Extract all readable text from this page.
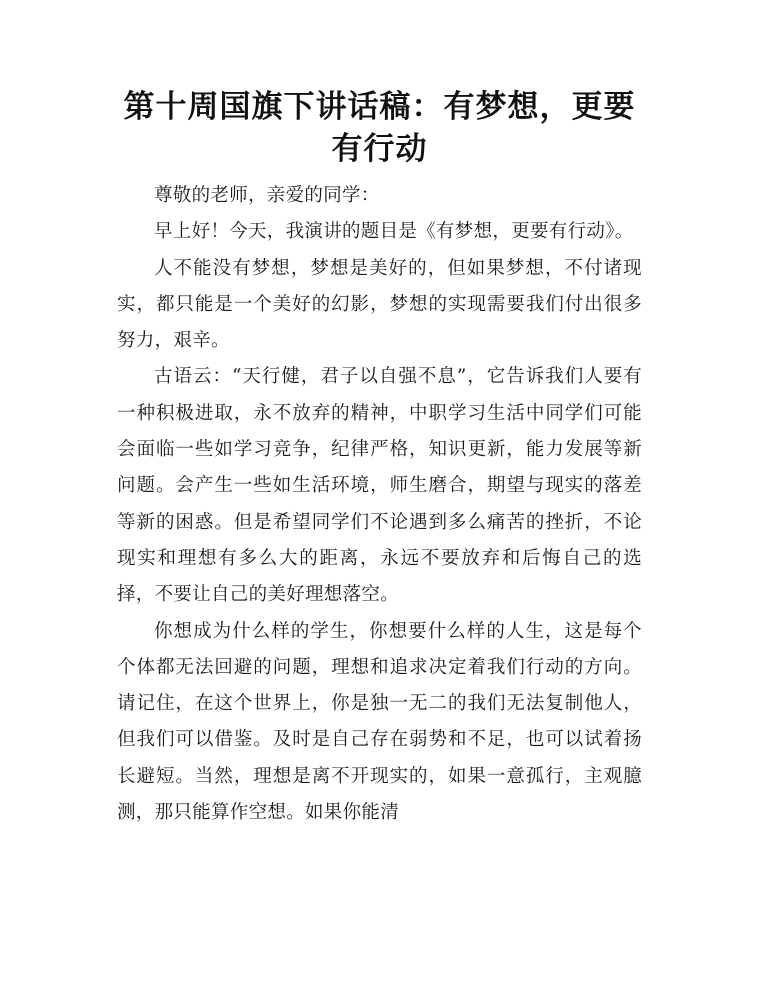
第十周国旗下讲话稿：有梦想，更要有行动

尊敬的老师，亲爱的同学：

早上好！今天，我演讲的题目是《有梦想，更要有行动》。

人不能没有梦想，梦想是美好的，但如果梦想，不付诸现实，都只能是一个美好的幻影，梦想的实现需要我们付出很多努力，艰辛。

古语云：“天行健，君子以自强不息”，它告诉我们人要有一种积极进取，永不放弃的精神，中职学习生活中同学们可能会面临一些如学习竞争，纪律严格，知识更新，能力发展等新问题。会产生一些如生活环境，师生磨合，期望与现实的落差等新的困惑。但是希望同学们不论遇到多么痛苦的挫折，不论现实和理想有多么大的距离，永远不要放弃和后悔自己的选择，不要让自己的美好理想落空。

你想成为什么样的学生，你想要什么样的人生，这是每个个体都无法回避的问题，理想和追求决定着我们行动的方向。请记住，在这个世界上，你是独一无二的我们无法复制他人，但我们可以借鉴。及时是自己存在弱势和不足，也可以试着扬长避短。当然，理想是离不开现实的，如果一意孤行，主观臆测，那只能算作空想。如果你能清
